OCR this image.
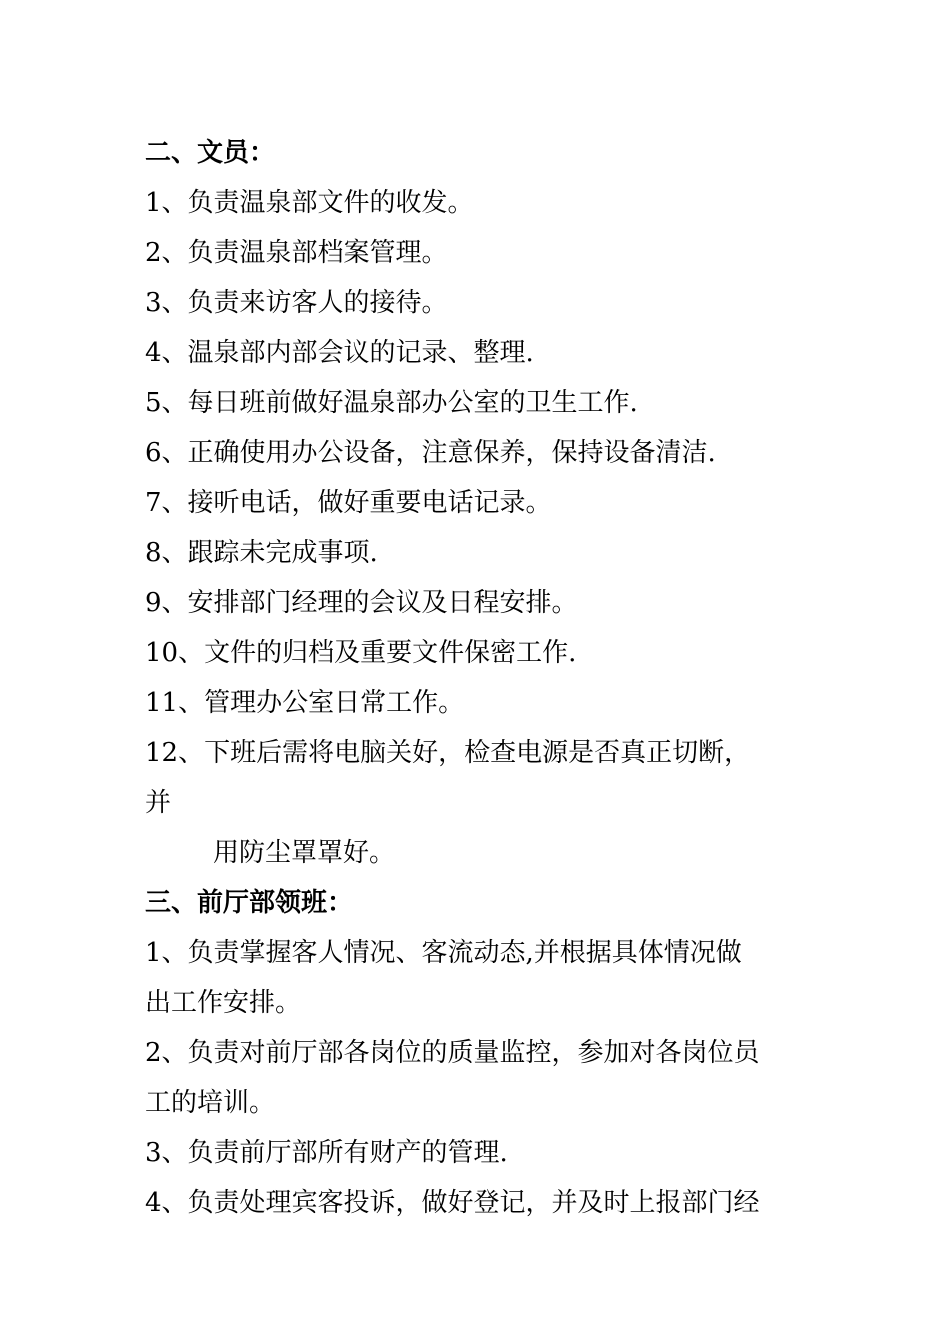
二、文员：

1、负责温泉部文件的收发。

2、负责温泉部档案管理。

3、负责来访客人的接待。

4、温泉部内部会议的记录、整理.

5、每日班前做好温泉部办公室的卫生工作.

6、正确使用办公设备，注意保养，保持设备清洁.

7、接听电话，做好重要电话记录。

8、跟踪未完成事项.

9、安排部门经理的会议及日程安排。

10、文件的归档及重要文件保密工作.

11、管理办公室日常工作。

12、下班后需将电脑关好，检查电源是否真正切断，

并

用防尘罩罩好。

三、前厅部领班：

1、负责掌握客人情况、客流动态,并根据具体情况做

出工作安排。

2、负责对前厅部各岗位的质量监控，参加对各岗位员

工的培训。

3、负责前厅部所有财产的管理.

4、负责处理宾客投诉，做好登记，并及时上报部门经
